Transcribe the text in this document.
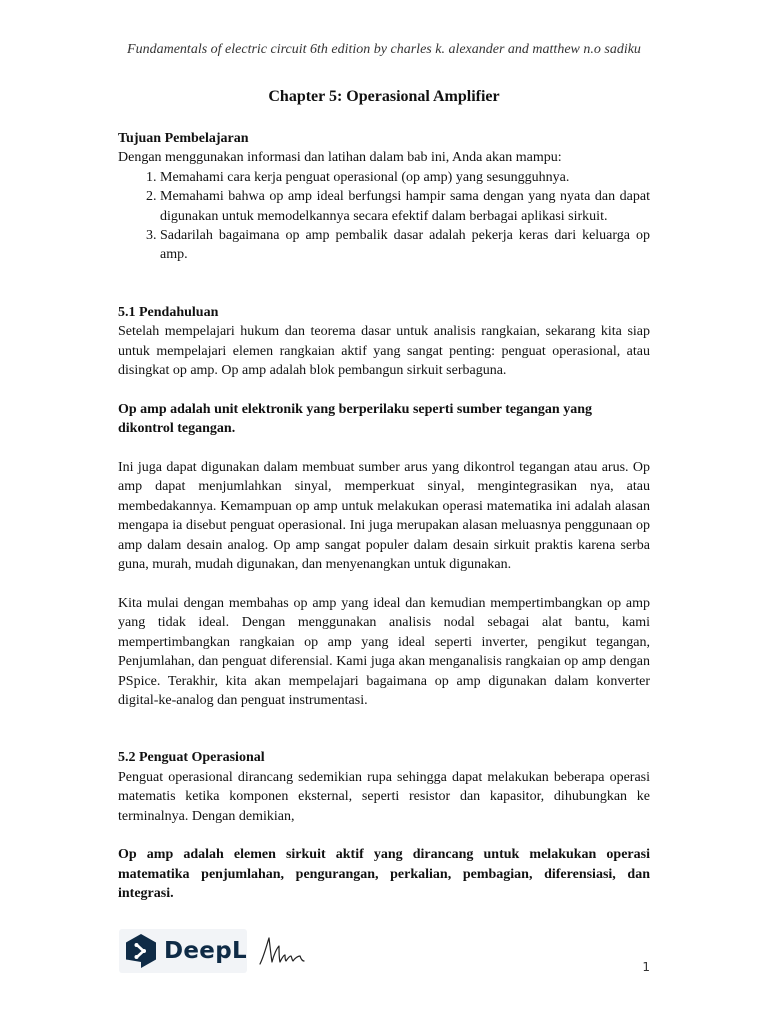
Fundamentals of electric circuit 6th edition by charles k. alexander and matthew n.o sadiku
Chapter 5: Operasional Amplifier
Tujuan Pembelajaran

Dengan menggunakan informasi dan latihan dalam bab ini, Anda akan mampu:

1. Memahami cara kerja penguat operasional (op amp) yang sesungguhnya.
2. Memahami bahwa op amp ideal berfungsi hampir sama dengan yang nyata dan dapat digunakan untuk memodelkannya secara efektif dalam berbagai aplikasi sirkuit.
3. Sadarilah bagaimana op amp pembalik dasar adalah pekerja keras dari keluarga op amp.
5.1 Pendahuluan

Setelah mempelajari hukum dan teorema dasar untuk analisis rangkaian, sekarang kita siap untuk mempelajari elemen rangkaian aktif yang sangat penting: penguat operasional, atau disingkat op amp. Op amp adalah blok pembangun sirkuit serbaguna.

Op amp adalah unit elektronik yang berperilaku seperti sumber tegangan yang dikontrol tegangan.

Ini juga dapat digunakan dalam membuat sumber arus yang dikontrol tegangan atau arus. Op amp dapat menjumlahkan sinyal, memperkuat sinyal, mengintegrasikan nya, atau membedakannya. Kemampuan op amp untuk melakukan operasi matematika ini adalah alasan mengapa ia disebut penguat operasional. Ini juga merupakan alasan meluasnya penggunaan op amp dalam desain analog. Op amp sangat populer dalam desain sirkuit praktis karena serba guna, murah, mudah digunakan, dan menyenangkan untuk digunakan.

Kita mulai dengan membahas op amp yang ideal dan kemudian mempertimbangkan op amp yang tidak ideal. Dengan menggunakan analisis nodal sebagai alat bantu, kami mempertimbangkan rangkaian op amp yang ideal seperti inverter, pengikut tegangan, Penjumlahan, dan penguat diferensial. Kami juga akan menganalisis rangkaian op amp dengan PSpice. Terakhir, kita akan mempelajari bagaimana op amp digunakan dalam konverter digital-ke-analog dan penguat instrumentasi.

5.2 Penguat Operasional

Penguat operasional dirancang sedemikian rupa sehingga dapat melakukan beberapa operasi matematis ketika komponen eksternal, seperti resistor dan kapasitor, dihubungkan ke terminalnya. Dengan demikian,

Op amp adalah elemen sirkuit aktif yang dirancang untuk melakukan operasi matematika penjumlahan, pengurangan, perkalian, pembagian, diferensiasi, dan integrasi.

DeepL
1
